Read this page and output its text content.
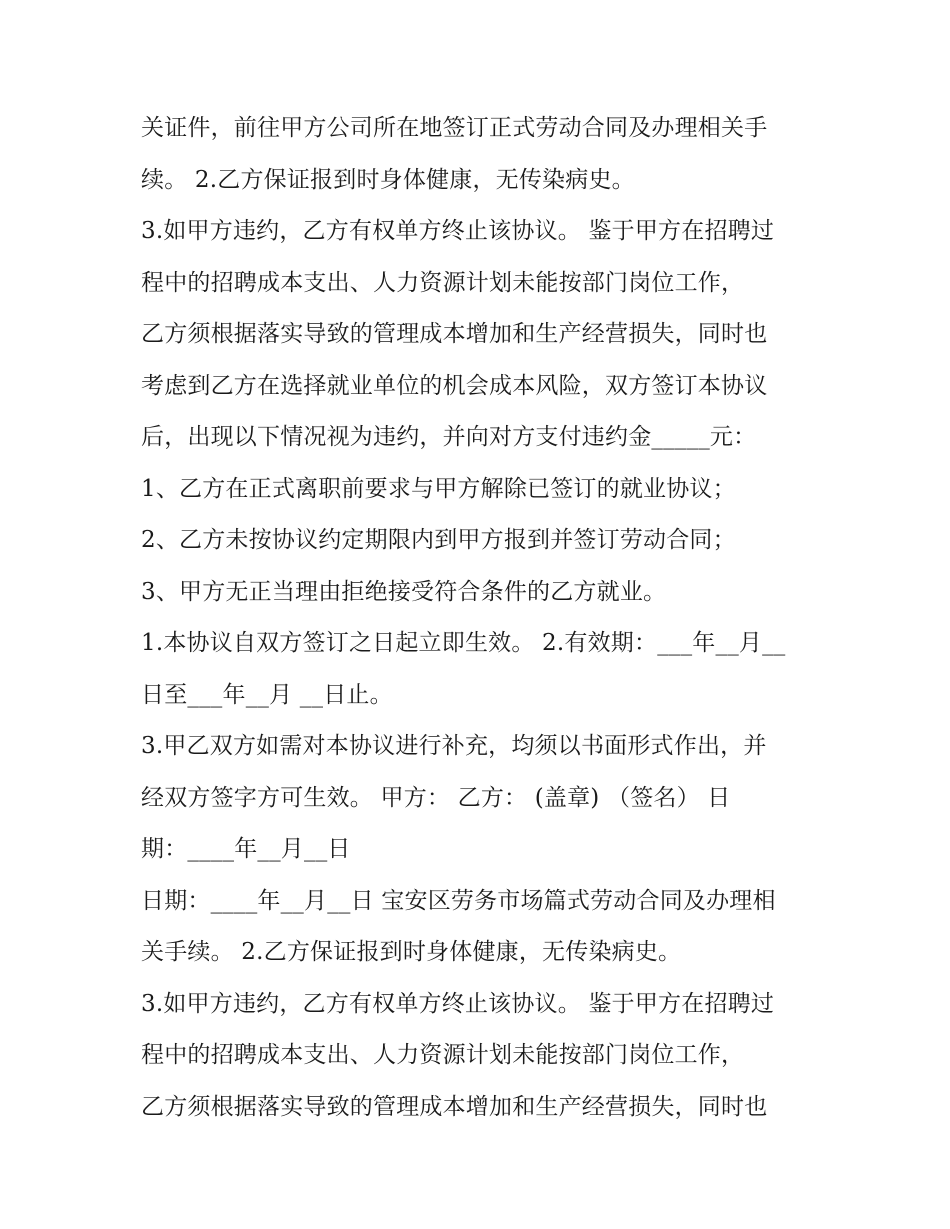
关证件，前往甲方公司所在地签订正式劳动合同及办理相关手
续。 2.乙方保证报到时身体健康，无传染病史。
3.如甲方违约，乙方有权单方终止该协议。 鉴于甲方在招聘过
程中的招聘成本支出、人力资源计划未能按部门岗位工作，
乙方须根据落实导致的管理成本增加和生产经营损失，同时也
考虑到乙方在选择就业单位的机会成本风险，双方签订本协议
后，出现以下情况视为违约，并向对方支付违约金_____元：
1、乙方在正式离职前要求与甲方解除已签订的就业协议；
2、乙方未按协议约定期限内到甲方报到并签订劳动合同；
3、甲方无正当理由拒绝接受符合条件的乙方就业。
1.本协议自双方签订之日起立即生效。 2.有效期：___年__月__
日至___年__月 __日止。
3.甲乙双方如需对本协议进行补充，均须以书面形式作出，并
经双方签字方可生效。 甲方： 乙方： (盖章) （签名） 日
期：____年__月__日
日期：____年__月__日 宝安区劳务市场篇式劳动合同及办理相
关手续。 2.乙方保证报到时身体健康，无传染病史。
3.如甲方违约，乙方有权单方终止该协议。 鉴于甲方在招聘过
程中的招聘成本支出、人力资源计划未能按部门岗位工作，
乙方须根据落实导致的管理成本增加和生产经营损失，同时也
